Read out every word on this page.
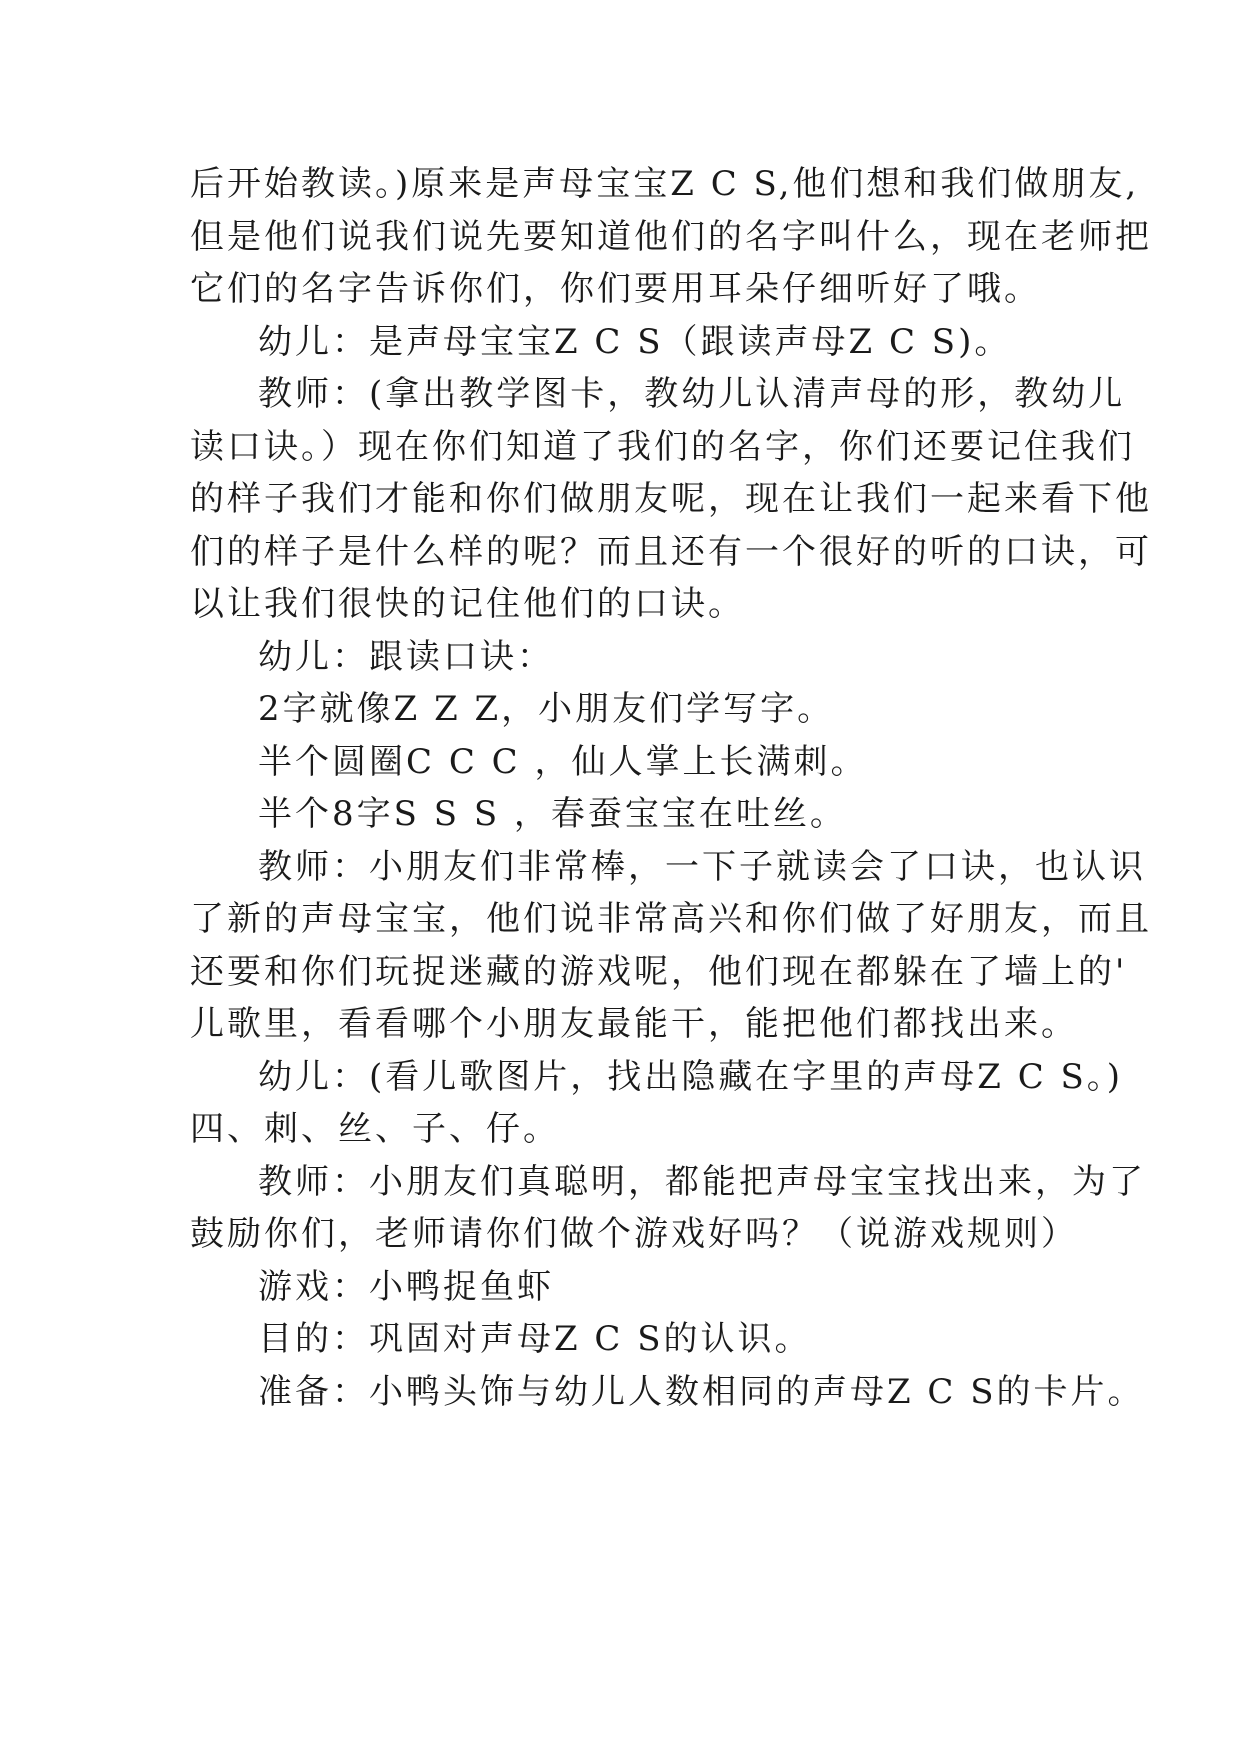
后开始教读。)原来是声母宝宝Z C S,他们想和我们做朋友,

但是他们说我们说先要知道他们的名字叫什么，现在老师把

它们的名字告诉你们，你们要用耳朵仔细听好了哦。

幼儿：是声母宝宝Z C S（跟读声母Z C S)。

教师：(拿出教学图卡，教幼儿认清声母的形，教幼儿

读口诀。）现在你们知道了我们的名字，你们还要记住我们

的样子我们才能和你们做朋友呢，现在让我们一起来看下他

们的样子是什么样的呢？而且还有一个很好的听的口诀，可

以让我们很快的记住他们的口诀。

幼儿：跟读口诀：

2字就像Z Z Z，小朋友们学写字。

半个圆圈C C C ，仙人掌上长满刺。

半个8字S S S ，春蚕宝宝在吐丝。

教师：小朋友们非常棒，一下子就读会了口诀，也认识

了新的声母宝宝，他们说非常高兴和你们做了好朋友，而且

还要和你们玩捉迷藏的游戏呢，他们现在都躲在了墙上的'

儿歌里，看看哪个小朋友最能干，能把他们都找出来。

幼儿：(看儿歌图片，找出隐藏在字里的声母Z C S。)

四、刺、丝、子、仔。

教师：小朋友们真聪明，都能把声母宝宝找出来，为了

鼓励你们，老师请你们做个游戏好吗？（说游戏规则）

游戏：小鸭捉鱼虾

目的：巩固对声母Z C S的认识。

准备：小鸭头饰与幼儿人数相同的声母Z C S的卡片。
